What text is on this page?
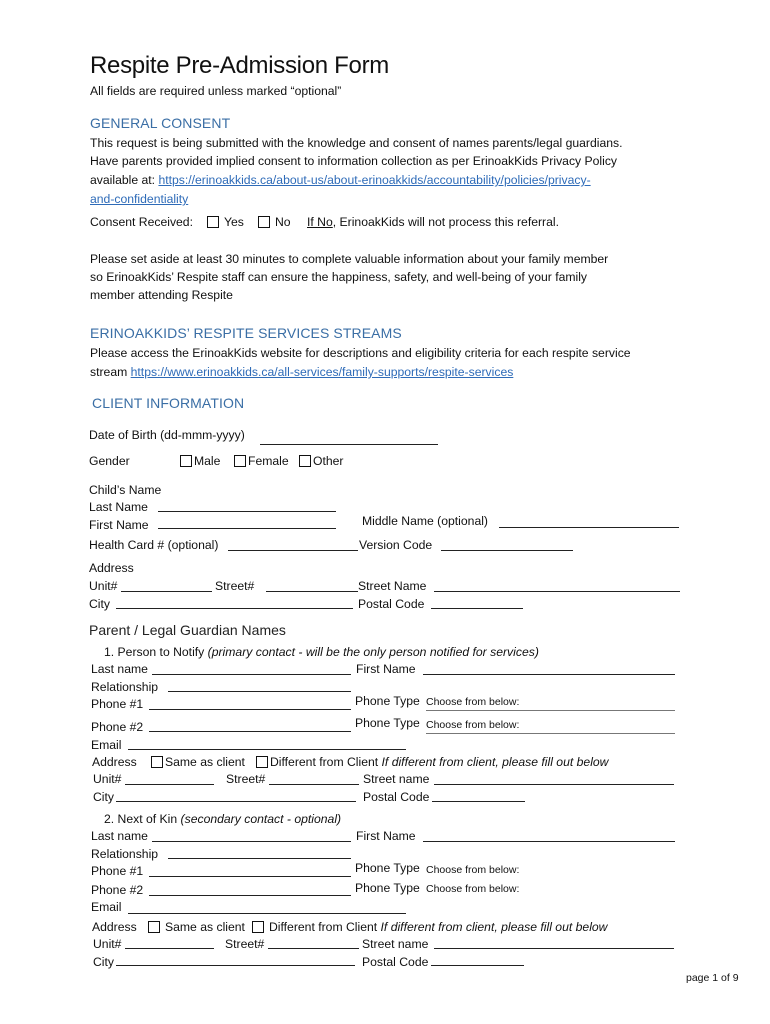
Respite Pre-Admission Form
All fields are required unless marked “optional”
GENERAL CONSENT
This request is being submitted with the knowledge and consent of names parents/legal guardians.
Have parents provided implied consent to information collection as per ErinoakKids Privacy Policy
available at: https://erinoakkids.ca/about-us/about-erinoakkids/accountability/policies/privacy-
and-confidentiality
Consent Received:	Yes	No If No, ErinoakKids will not process this referral.
Please set aside at least 30 minutes to complete valuable information about your family member
so ErinoakKids’ Respite staff can ensure the happiness, safety, and well-being of your family
member attending Respite
ERINOAKKIDS’ RESPITE SERVICES STREAMS
Please access the ErinoakKids website for descriptions and eligibility criteria for each respite service
stream https://www.erinoakkids.ca/all-services/family-supports/respite-services
CLIENT INFORMATION
Date of Birth (dd-mmm-yyyy)
Gender	Male Female Other
Child’s Name
Last Name
First Name	Middle Name (optional)
Health Card # (optional)	Version Code
Address
Unit#	Street#	Street Name
City	Postal Code
Parent / Legal Guardian Names
1. Person to Notify (primary contact - will be the only person notified for services)
Last name	First Name
Relationship
Phone #1	Phone Type Choose from below:
Phone #2	Phone Type Choose from below:
Email
Address Same as client Different from Client If different from client, please fill out below
Unit#	Street#	Street name
City	Postal Code
2. Next of Kin (secondary contact - optional)
Last name	First Name
Relationship
Phone #1	Phone Type Choose from below:
Phone #2	Phone Type Choose from below:
Email
Address Same as client Different from Client If different from client, please fill out below
Unit#	Street#	Street name
City	Postal Code
page 1 of 9
